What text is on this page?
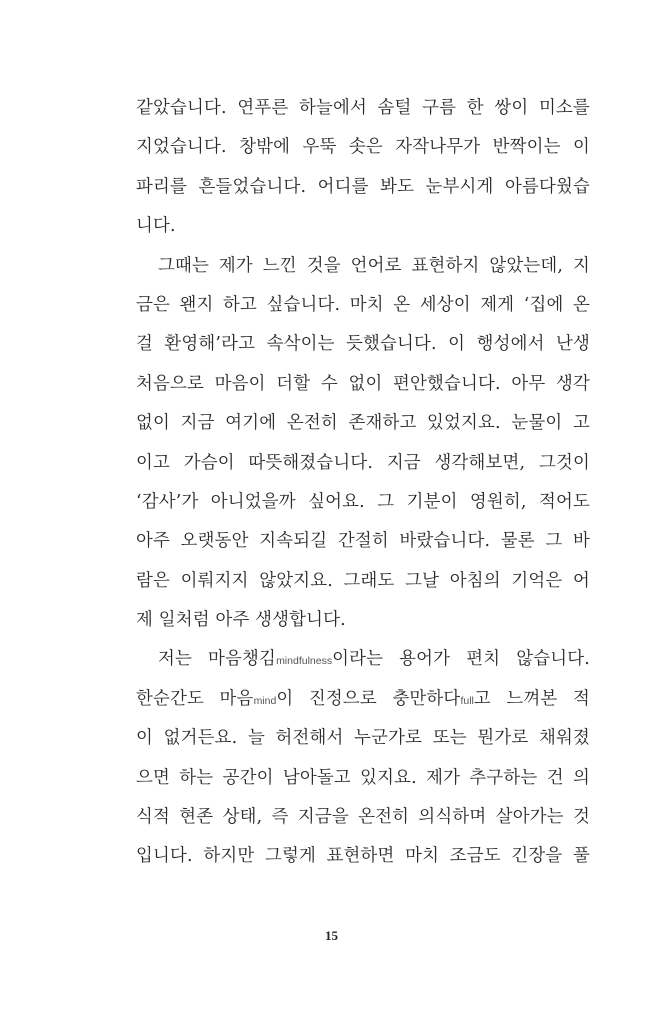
같았습니다. 연푸른 하늘에서 솜털 구름 한 쌍이 미소를
지었습니다. 창밖에 우뚝 솟은 자작나무가 반짝이는 이
파리를 흔들었습니다. 어디를 봐도 눈부시게 아름다웠습
니다.
그때는 제가 느낀 것을 언어로 표현하지 않았는데, 지
금은 왠지 하고 싶습니다. 마치 온 세상이 제게 ‘집에 온
걸 환영해’라고 속삭이는 듯했습니다. 이 행성에서 난생
처음으로 마음이 더할 수 없이 편안했습니다. 아무 생각
없이 지금 여기에 온전히 존재하고 있었지요. 눈물이 고
이고 가슴이 따뜻해졌습니다. 지금 생각해보면, 그것이
‘감사’가 아니었을까 싶어요. 그 기분이 영원히, 적어도
아주 오랫동안 지속되길 간절히 바랐습니다. 물론 그 바
람은 이뤄지지 않았지요. 그래도 그날 아침의 기억은 어
제 일처럼 아주 생생합니다.
저는 마음챙김mindfulness이라는 용어가 편치 않습니다.
한순간도 마음mind이 진정으로 충만하다full고 느껴본 적
이 없거든요. 늘 허전해서 누군가로 또는 뭔가로 채워졌
으면 하는 공간이 남아돌고 있지요. 제가 추구하는 건 의
식적 현존 상태, 즉 지금을 온전히 의식하며 살아가는 것
입니다. 하지만 그렇게 표현하면 마치 조금도 긴장을 풀
15
